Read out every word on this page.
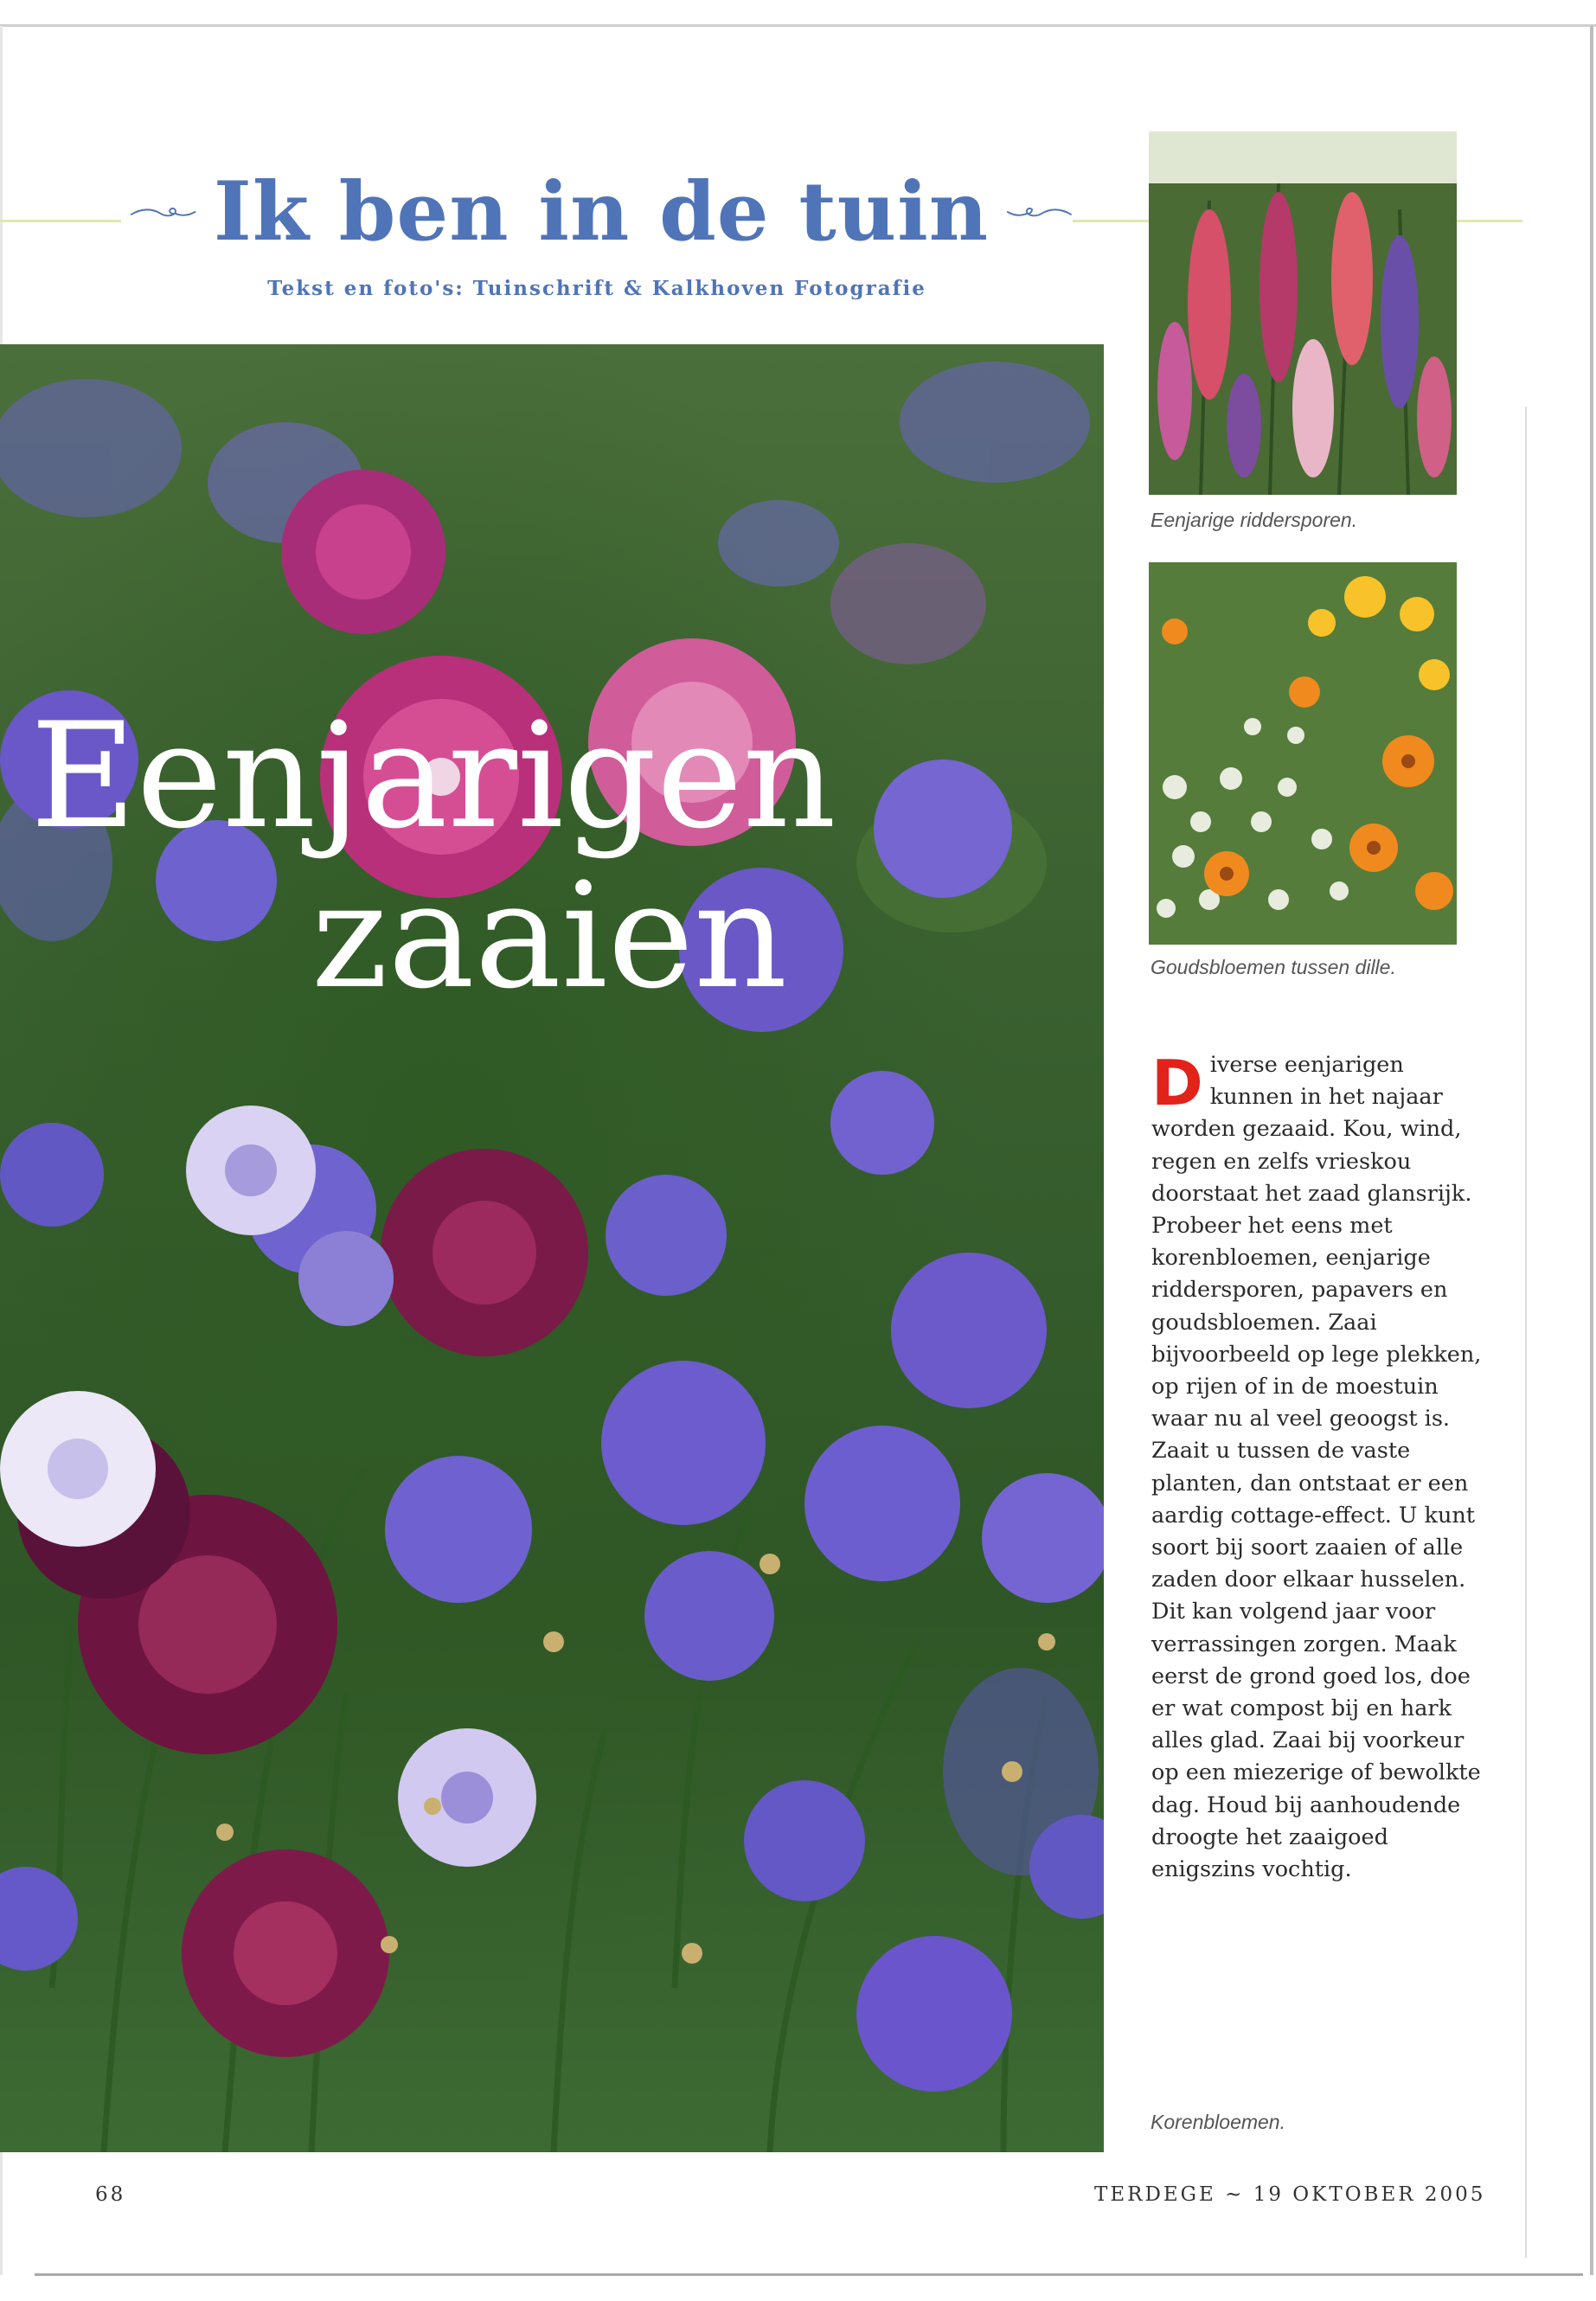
Ik ben in de tuin
Tekst en foto's: Tuinschrift & Kalkhoven Fotografie
Eenjarigen
zaaien
Eenjarige riddersporen.
Goudsbloemen tussen dille.

Diverse eenjarigen kunnen in het najaar worden gezaaid. Kou, wind, regen en zelfs vrieskou doorstaat het zaad glansrijk. Probeer het eens met korenbloemen, eenjarige riddersporen, papavers en goudsbloemen. Zaai bijvoorbeeld op lege plekken, op rijen of in de moestuin waar nu al veel geoogst is. Zaait u tussen de vaste planten, dan ontstaat er een aardig cottage-effect. U kunt soort bij soort zaaien of alle zaden door elkaar husselen. Dit kan volgend jaar voor verrassingen zorgen. Maak eerst de grond goed los, doe er wat compost bij en hark alles glad. Zaai bij voorkeur op een miezerige of bewolkte dag. Houd bij aanhoudende droogte het zaaigoed enigszins vochtig.

Korenbloemen.
68	TERDEGE ~ 19 OKTOBER 2005
